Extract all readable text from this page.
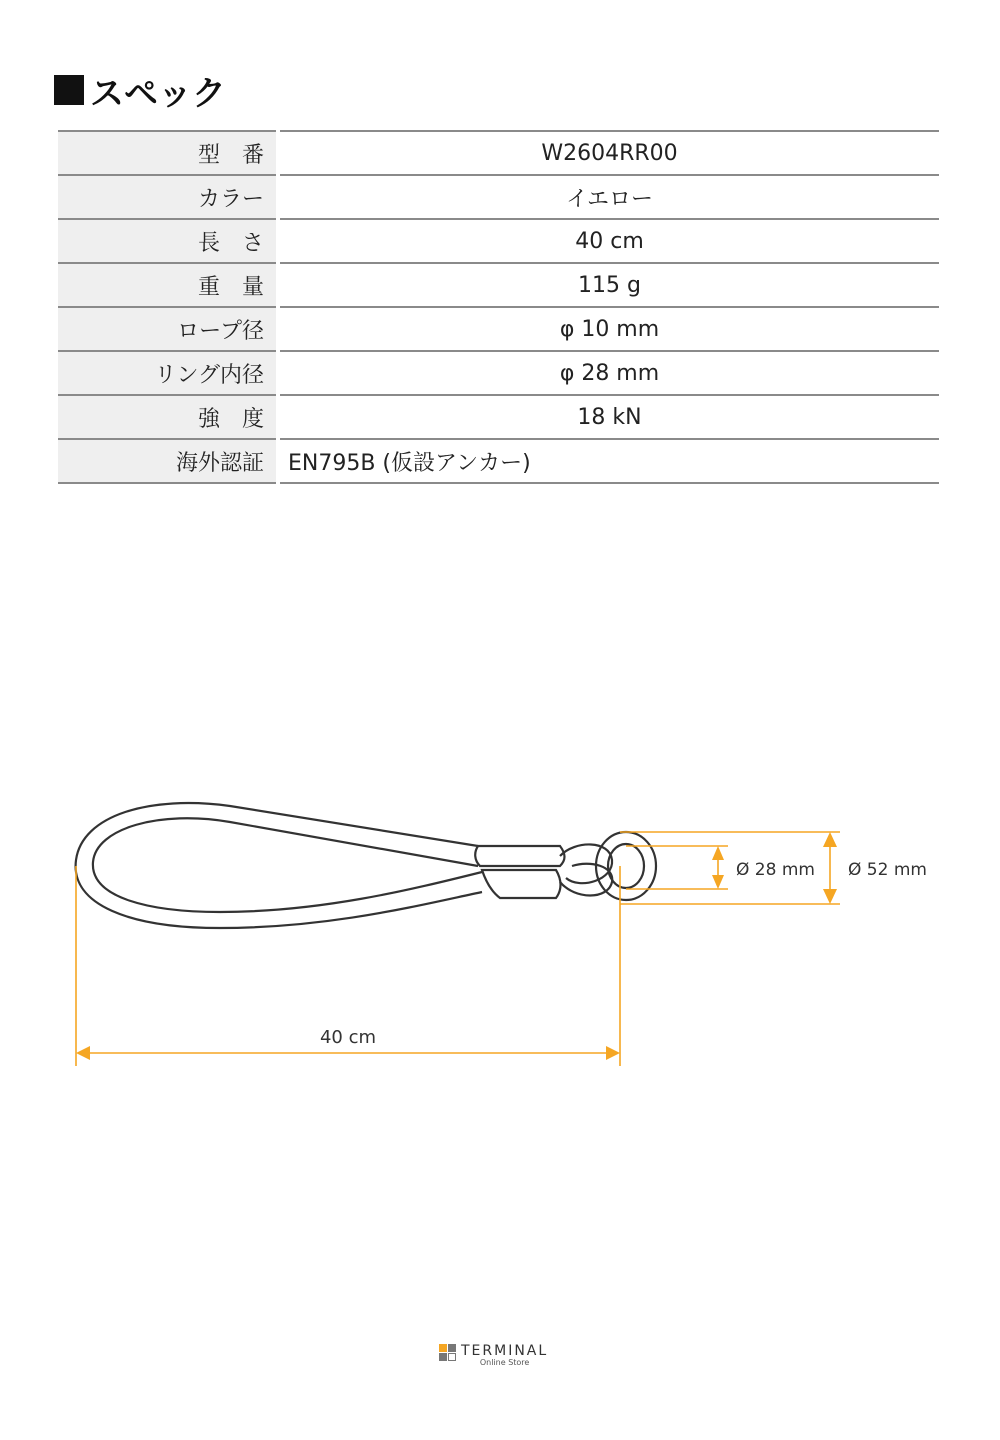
スペック
型　番	W2604RR00
カラー	イエロー
長　さ	40 cm
重　量	115 g
ロープ径	φ 10 mm
リング内径	φ 28 mm
強　度	18 kN
海外認証	EN795B (仮設アンカー)
40 cm
Ø 28 mm Ø 52 mm
TERMINAL
Online Store
